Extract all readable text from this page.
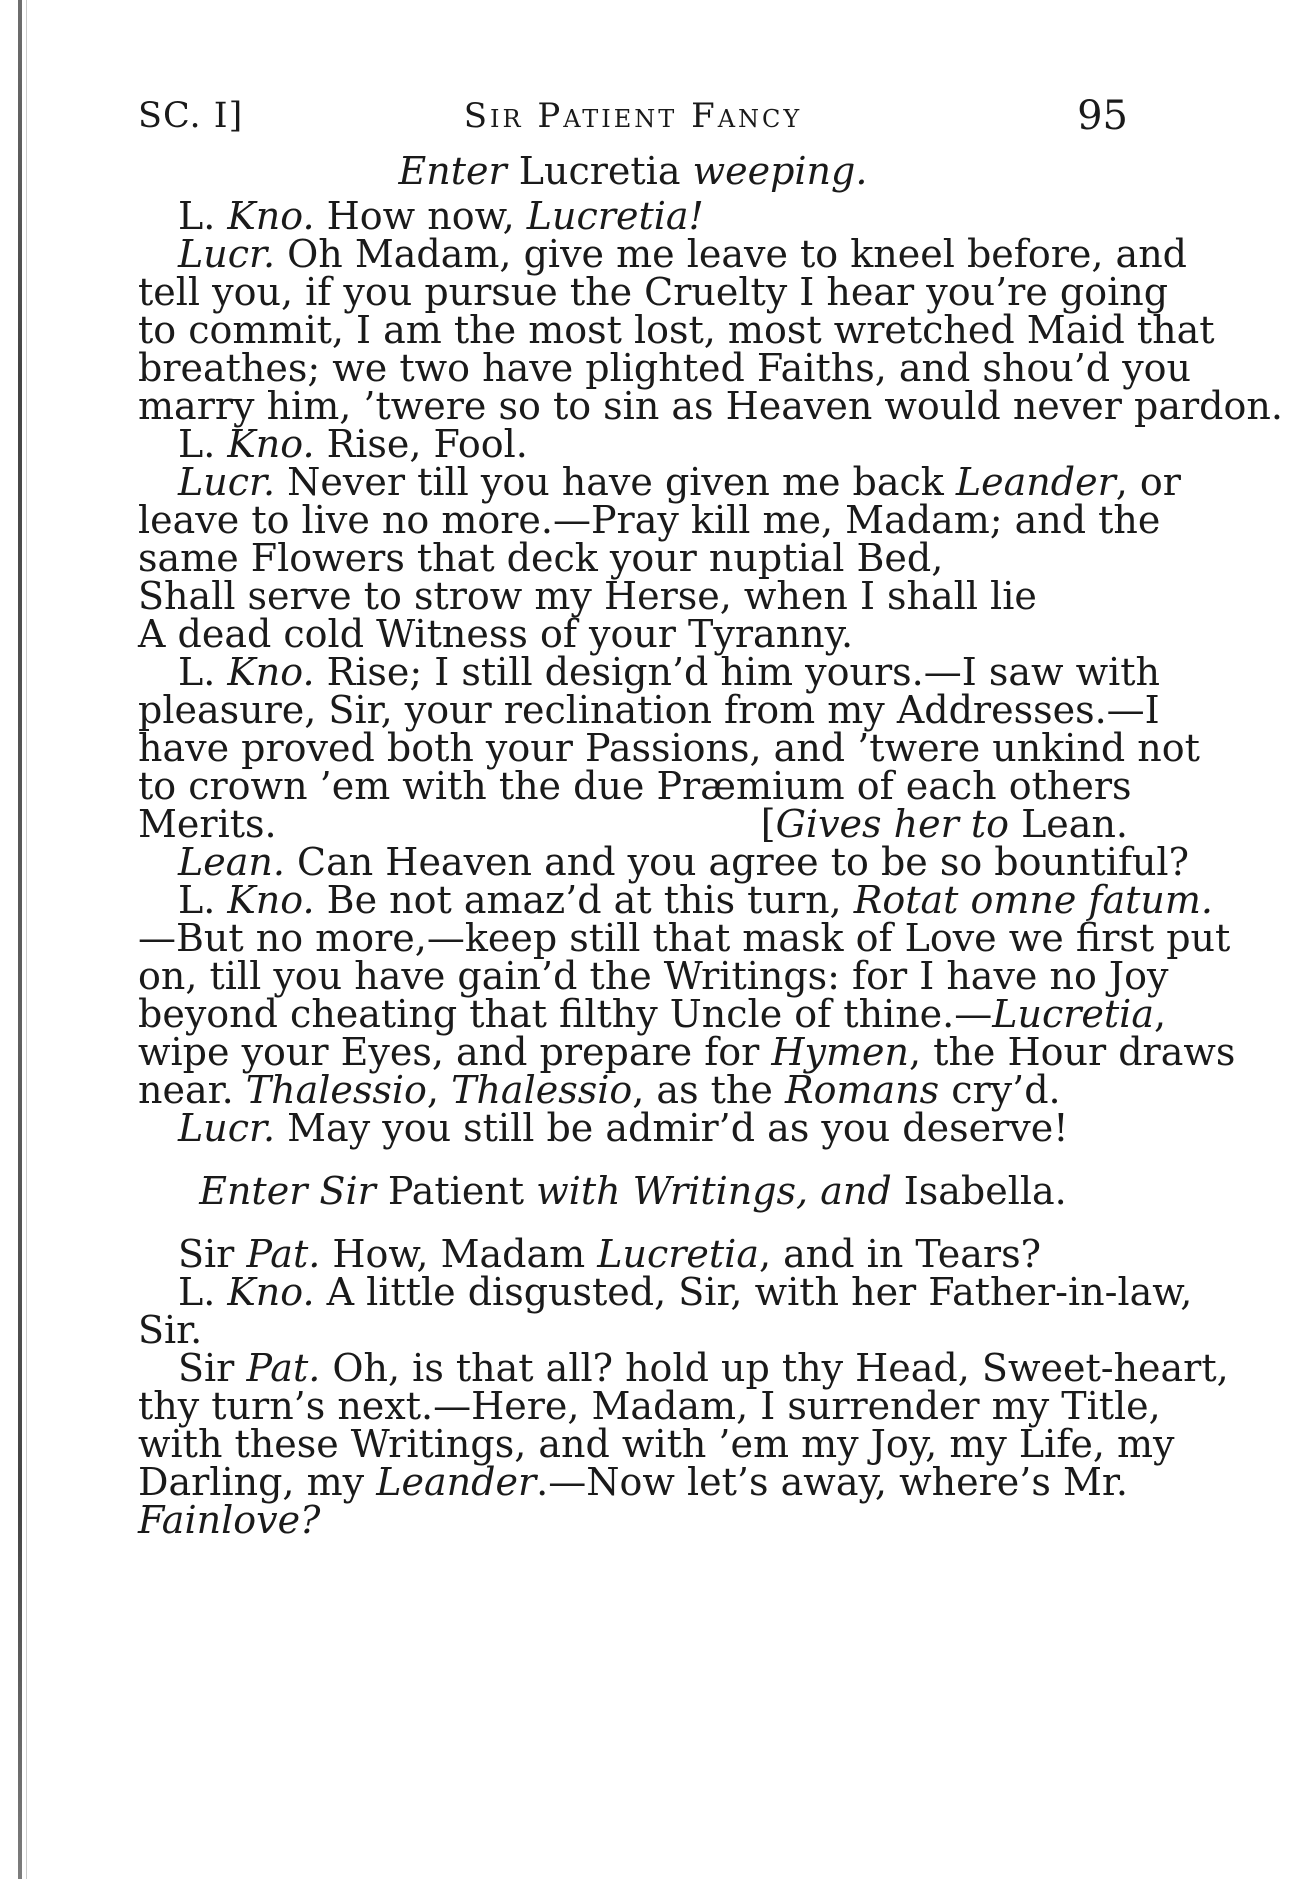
SC. I]	Sir Patient Fancy	95
Enter Lucretia weeping.
L. Kno. How now, Lucretia!
Lucr. Oh Madam, give me leave to kneel before, and
tell you, if you pursue the Cruelty I hear you’re going
to commit, I am the most lost, most wretched Maid that
breathes; we two have plighted Faiths, and shou’d you
marry him, ’twere so to sin as Heaven would never pardon.
L. Kno. Rise, Fool.
Lucr. Never till you have given me back Leander, or
leave to live no more.—Pray kill me, Madam; and the
same Flowers that deck your nuptial Bed,
Shall serve to strow my Herse, when I shall lie
A dead cold Witness of your Tyranny.
L. Kno. Rise; I still design’d him yours.—I saw with
pleasure, Sir, your reclination from my Addresses.—I
have proved both your Passions, and ’twere unkind not
to crown ’em with the due Præmium of each others
Merits.	[Gives her to Lean.
Lean. Can Heaven and you agree to be so bountiful?
L. Kno. Be not amaz’d at this turn, Rotat omne fatum.
—But no more,—keep still that mask of Love we first put
on, till you have gain’d the Writings: for I have no Joy
beyond cheating that filthy Uncle of thine.—Lucretia,
wipe your Eyes, and prepare for Hymen, the Hour draws
near. Thalessio, Thalessio, as the Romans cry’d.
Lucr. May you still be admir’d as you deserve!
Enter Sir Patient with Writings, and Isabella.
Sir Pat. How, Madam Lucretia, and in Tears?
L. Kno. A little disgusted, Sir, with her Father-in-law,
Sir.
Sir Pat. Oh, is that all? hold up thy Head, Sweet-heart,
thy turn’s next.—Here, Madam, I surrender my Title,
with these Writings, and with ’em my Joy, my Life, my
Darling, my Leander.—Now let’s away, where’s Mr.
Fainlove?
